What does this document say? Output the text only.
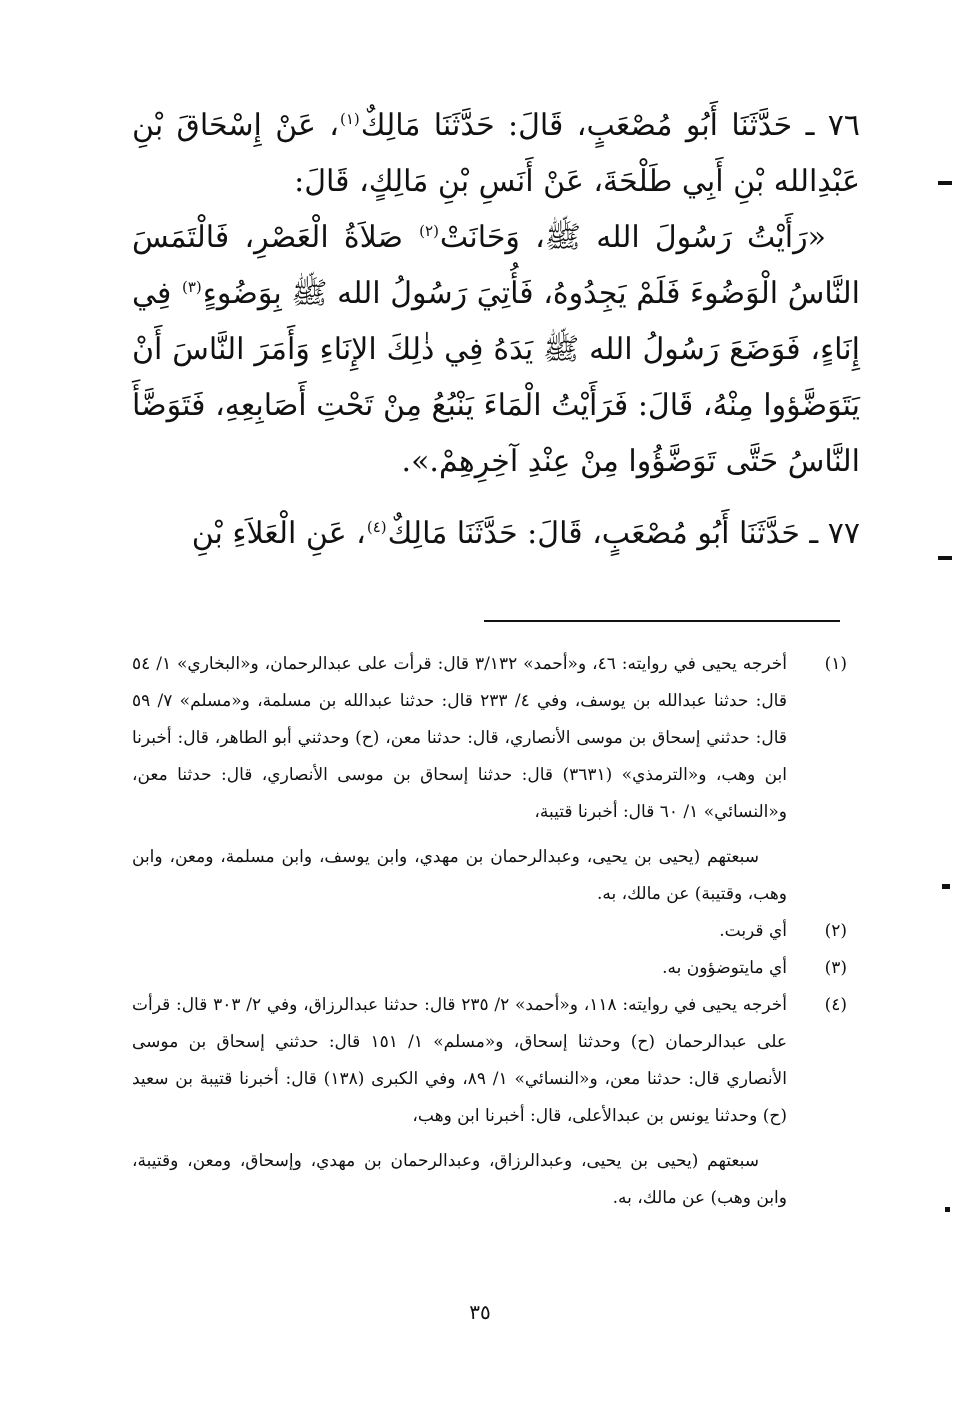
٧٦ ـ حَدَّثَنَا أَبُو مُصْعَبٍ، قَالَ: حَدَّثَنَا مَالِكٌ$^{(١)}$، عَنْ إِسْحَاقَ بْنِ عَبْدِالله بْنِ أَبِي طَلْحَةَ، عَنْ أَنَسِ بْنِ مَالِكٍ، قَالَ:

«رَأَيْتُ رَسُولَ الله ﷺ، وَحَانَتْ$^{(٢)}$ صَلاَةُ الْعَصْرِ، فَالْتَمَسَ النَّاسُ الْوَضُوءَ فَلَمْ يَجِدُوهُ، فَأُتِيَ رَسُولُ الله ﷺ بِوَضُوءٍ$^{(٣)}$ فِي إِنَاءٍ، فَوَضَعَ رَسُولُ الله ﷺ يَدَهُ فِي ذٰلِكَ الإِنَاءِ وَأَمَرَ النَّاسَ أَنْ يَتَوَضَّؤوا مِنْهُ، قَالَ: فَرَأَيْتُ الْمَاءَ يَنْبُعُ مِنْ تَحْتِ أَصَابِعِهِ، فَتَوَضَّأَ النَّاسُ حَتَّى تَوَضَّؤُوا مِنْ عِنْدِ آخِرِهِمْ.».

٧٧ ـ حَدَّثَنَا أَبُو مُصْعَبٍ، قَالَ: حَدَّثَنَا مَالِكٌ$^{(٤)}$، عَنِ الْعَلاَءِ بْنِ

(١)

أخرجه يحيى في روايته: ٤٦، و«أحمد» ٣/١٣٢ قال: قرأت على عبدالرحمان، و«البخاري» ١/ ٥٤ قال: حدثنا عبدالله بن يوسف، وفي ٤/ ٢٣٣ قال: حدثنا عبدالله بن مسلمة، و«مسلم» ٧/ ٥٩ قال: حدثني إسحاق بن موسى الأنصاري، قال: حدثنا معن، (ح) وحدثني أبو الطاهر، قال: أخبرنا ابن وهب، و«الترمذي» (٣٦٣١) قال: حدثنا إسحاق بن موسى الأنصاري، قال: حدثنا معن، و«النسائي» ١/ ٦٠ قال: أخبرنا قتيبة،

سبعتهم (يحيى بن يحيى، وعبدالرحمان بن مهدي، وابن يوسف، وابن مسلمة، ومعن، وابن وهب، وقتيبة) عن مالك، به.

(٢)

أي قربت.

(٣)

أي مايتوضؤون به.

(٤)

أخرجه يحيى في روايته: ١١٨، و«أحمد» ٢/ ٢٣٥ قال: حدثنا عبدالرزاق، وفي ٢/ ٣٠٣ قال: قرأت على عبدالرحمان (ح) وحدثنا إسحاق، و«مسلم» ١/ ١٥١ قال: حدثني إسحاق بن موسى الأنصاري قال: حدثنا معن، و«النسائي» ١/ ٨٩، وفي الكبرى (١٣٨) قال: أخبرنا قتيبة بن سعيد (ح) وحدثنا يونس بن عبدالأعلى، قال: أخبرنا ابن وهب،

سبعتهم (يحيى بن يحيى، وعبدالرزاق، وعبدالرحمان بن مهدي، وإسحاق، ومعن، وقتيبة، وابن وهب) عن مالك، به.

٣٥
